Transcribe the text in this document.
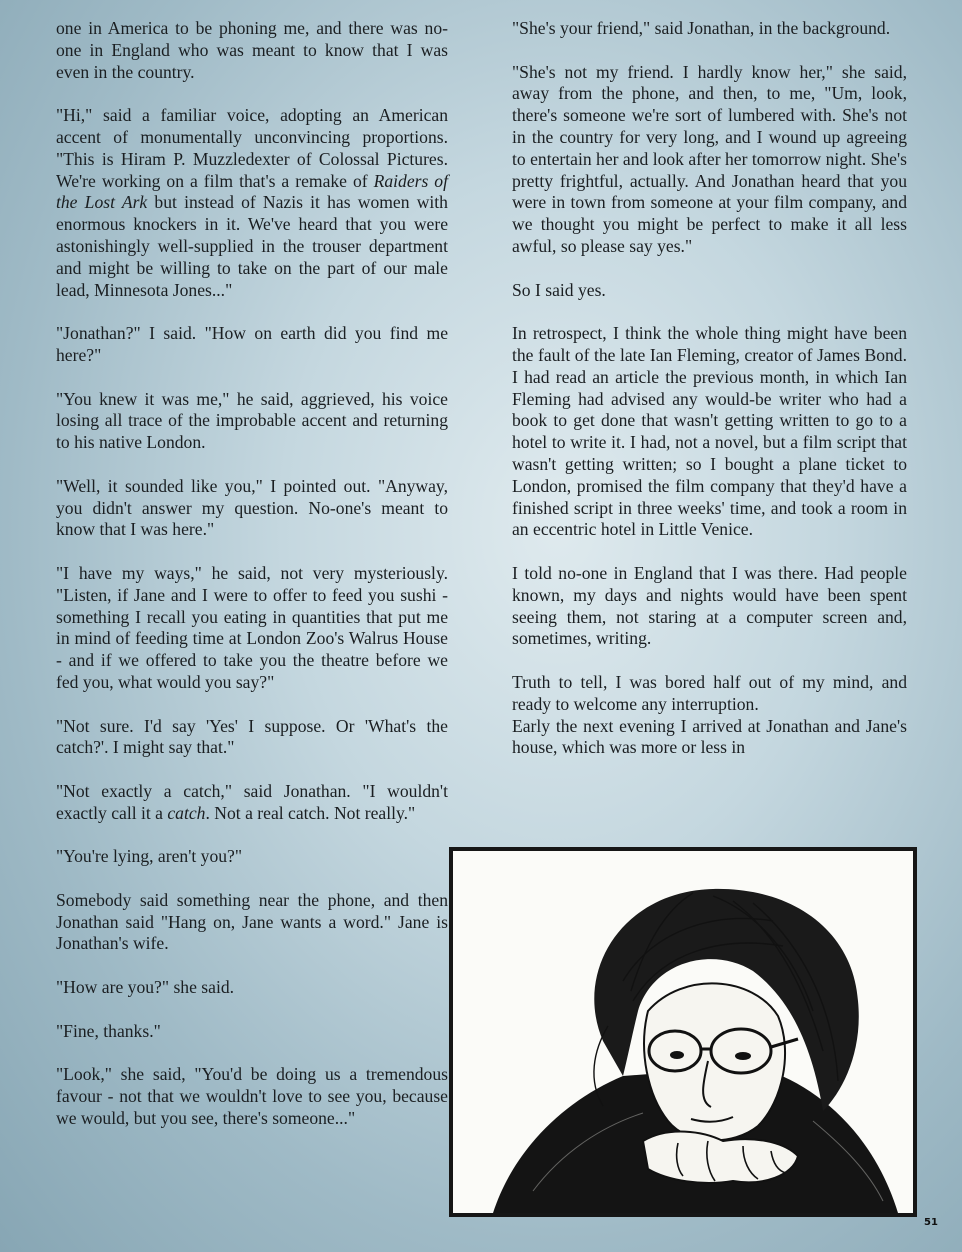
one in America to be phoning me, and there was no-one in England who was meant to know that I was even in the country.

"Hi," said a familiar voice, adopting an American accent of monumentally unconvincing proportions. "This is Hiram P. Muzzledexter of Colossal Pictures. We're working on a film that's a remake of Raiders of the Lost Ark but instead of Nazis it has women with enormous knockers in it. We've heard that you were astonishingly well-supplied in the trouser department and might be willing to take on the part of our male lead, Minnesota Jones..."

"Jonathan?" I said. "How on earth did you find me here?"

"You knew it was me," he said, aggrieved, his voice losing all trace of the improbable accent and returning to his native London.

"Well, it sounded like you," I pointed out. "Anyway, you didn't answer my question. No-one's meant to know that I was here."

"I have my ways," he said, not very mysteriously. "Listen, if Jane and I were to offer to feed you sushi - something I recall you eating in quantities that put me in mind of feeding time at London Zoo's Walrus House - and if we offered to take you the theatre before we fed you, what would you say?"

"Not sure. I'd say 'Yes' I suppose. Or 'What's the catch?'. I might say that."

"Not exactly a catch," said Jonathan. "I wouldn't exactly call it a catch. Not a real catch. Not really."

"You're lying, aren't you?"

Somebody said something near the phone, and then Jonathan said "Hang on, Jane wants a word." Jane is Jonathan's wife.

"How are you?" she said.

"Fine, thanks."

"Look," she said, "You'd be doing us a tremendous favour - not that we wouldn't love to see you, because we would, but you see, there's someone..."

"She's your friend," said Jonathan, in the background.

"She's not my friend. I hardly know her," she said, away from the phone, and then, to me, "Um, look, there's someone we're sort of lumbered with. She's not in the country for very long, and I wound up agreeing to entertain her and look after her tomorrow night. She's pretty frightful, actually. And Jonathan heard that you were in town from someone at your film company, and we thought you might be perfect to make it all less awful, so please say yes."

So I said yes.

In retrospect, I think the whole thing might have been the fault of the late Ian Fleming, creator of James Bond. I had read an article the previous month, in which Ian Fleming had advised any would-be writer who had a book to get done that wasn't getting written to go to a hotel to write it. I had, not a novel, but a film script that wasn't getting written; so I bought a plane ticket to London, promised the film company that they'd have a finished script in three weeks' time, and took a room in an eccentric hotel in Little Venice.

I told no-one in England that I was there. Had people known, my days and nights would have been spent seeing them, not staring at a computer screen and, sometimes, writing.

Truth to tell, I was bored half out of my mind, and ready to welcome any interruption.

Early the next evening I arrived at Jonathan and Jane's house, which was more or less in

51
